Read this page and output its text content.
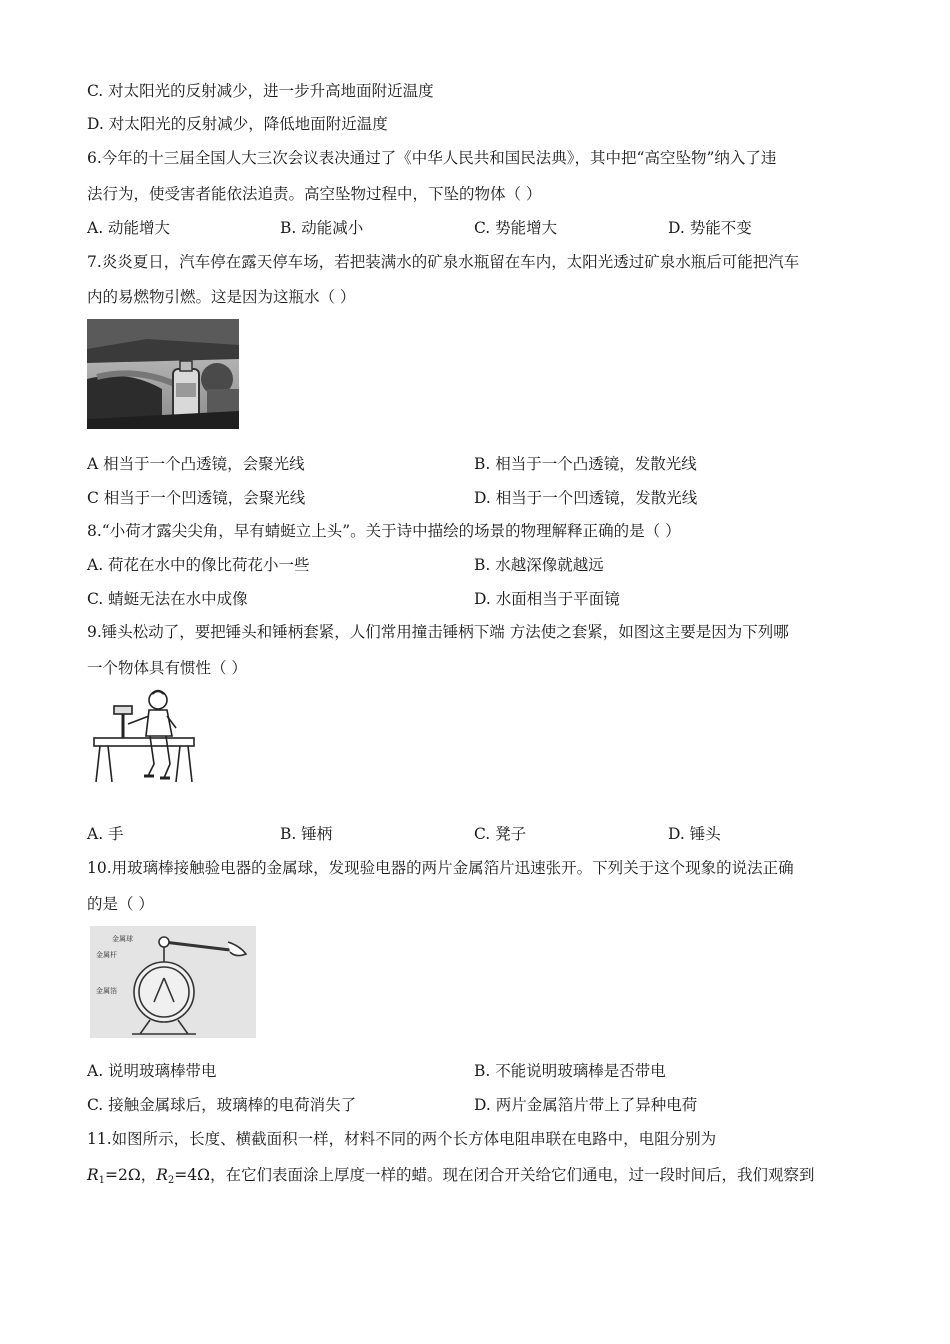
C. 对太阳光的反射减少，进一步升高地面附近温度
D. 对太阳光的反射减少，降低地面附近温度
6.今年的十三届全国人大三次会议表决通过了《中华人民共和国民法典》，其中把“高空坠物”纳入了违
法行为，使受害者能依法追责。高空坠物过程中，下坠的物体（ ）
A. 动能增大	B. 动能减小	C. 势能增大	D. 势能不变
7.炎炎夏日，汽车停在露天停车场，若把装满水的矿泉水瓶留在车内，太阳光透过矿泉水瓶后可能把汽车
内的易燃物引燃。这是因为这瓶水（ ）
A 相当于一个凸透镜，会聚光线	B. 相当于一个凸透镜，发散光线
C 相当于一个凹透镜，会聚光线	D. 相当于一个凹透镜，发散光线
8.“小荷才露尖尖角，早有蜻蜓立上头”。关于诗中描绘的场景的物理解释正确的是（ ）
A. 荷花在水中的像比荷花小一些	B. 水越深像就越远
C. 蜻蜓无法在水中成像	D. 水面相当于平面镜
9.锤头松动了，要把锤头和锤柄套紧，人们常用撞击锤柄下端 方法使之套紧，如图这主要是因为下列哪
一个物体具有惯性（ ）
A. 手	B. 锤柄	C. 凳子	D. 锤头
10.用玻璃棒接触验电器的金属球，发现验电器的两片金属箔片迅速张开。下列关于这个现象的说法正确
的是（ ）
金属球
金属杆
金属箔
A. 说明玻璃棒带电	B. 不能说明玻璃棒是否带电
C. 接触金属球后，玻璃棒的电荷消失了	D. 两片金属箔片带上了异种电荷
11.如图所示，长度、横截面积一样，材料不同的两个长方体电阻串联在电路中，电阻分别为
$R_1=2\Omega$，$R_2=4\Omega$，在它们表面涂上厚度一样的蜡。现在闭合开关给它们通电，过一段时间后，我们观察到
